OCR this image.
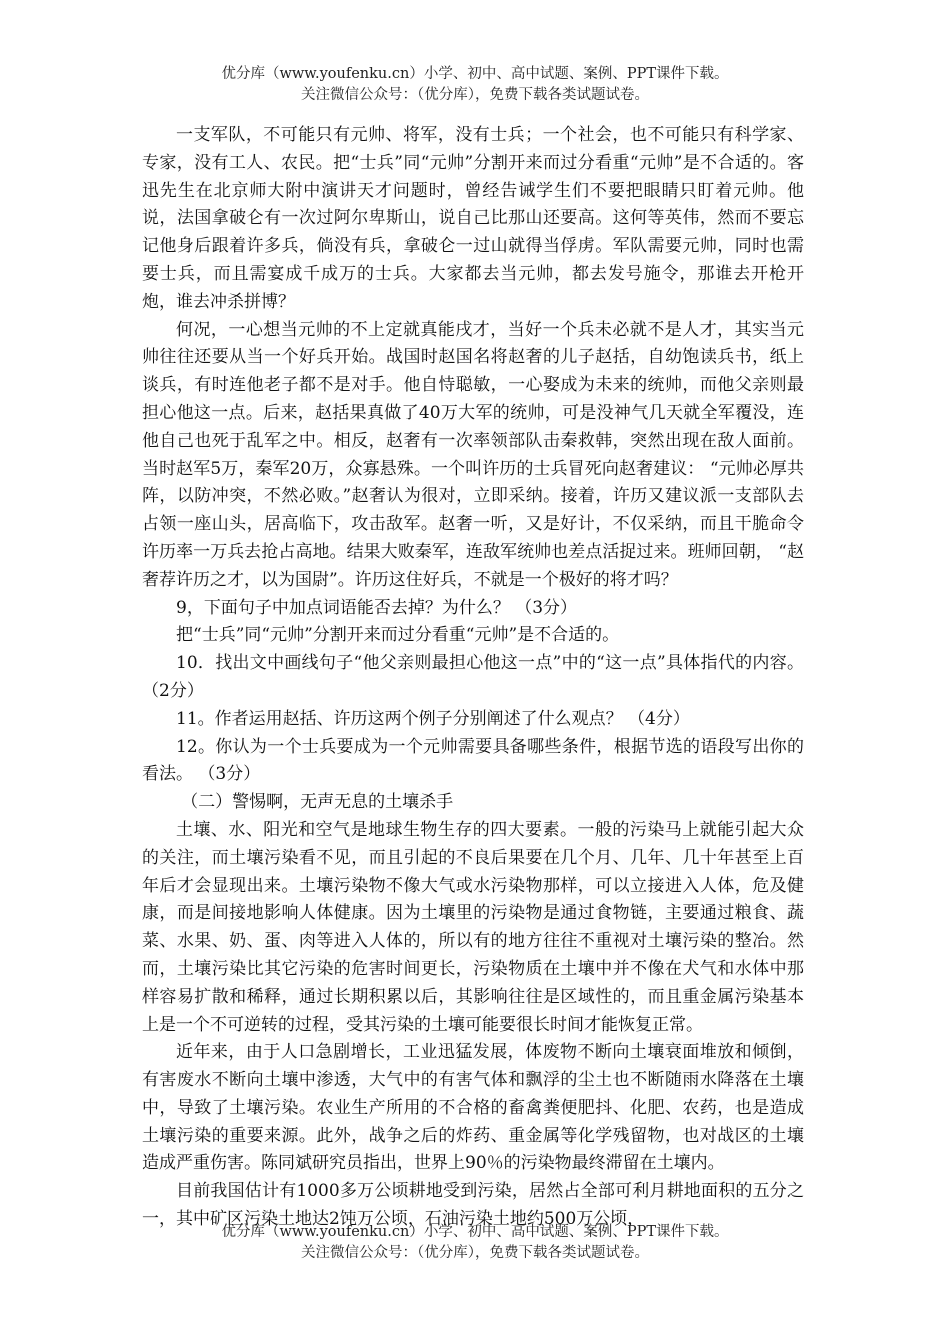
优分库（www.youfenku.cn）小学、初中、高中试题、案例、PPT课件下载。
关注微信公众号：（优分库），免费下载各类试题试卷。

一支军队，不可能只有元帅、将军，没有士兵；一个社会，也不可能只有科学家、专家，没有工人、农民。把“士兵”同“元帅”分割开来而过分看重“元帅”是不合适的。客迅先生在北京师大附中演讲天才问题时，曾经告诫学生们不要把眼睛只盯着元帅。他说，法国拿破仑有一次过阿尔卑斯山，说自己比那山还要高。这何等英伟，然而不要忘记他身后跟着许多兵，倘没有兵，拿破仑一过山就得当俘虏。军队需要元帅，同时也需要士兵，而且需宴成千成万的士兵。大家都去当元帅，都去发号施令，那谁去开枪开炮，谁去冲杀拼博？

何况，一心想当元帅的不上定就真能戌才，当好一个兵未必就不是人才，其实当元帅往往还要从当一个好兵开始。战国时赵国名将赵奢的儿子赵括，自幼饱读兵书，纸上谈兵，有时连他老子都不是对手。他自恃聪敏，一心娶成为未来的统帅，而他父亲则最担心他这一点。后来，赵括果真做了40万大军的统帅，可是没神气几天就全军覆没，连他自己也死于乱军之中。相反，赵奢有一次率领部队击秦救韩，突然出现在敌人面前。当时赵军5万，秦军20万，众寡悬殊。一个叫许历的士兵冒死向赵奢建议： “元帅必厚共阵，以防冲突，不然必败。”赵奢认为很对，立即采纳。接着，许历又建议派一支部队去占领一座山头，居高临下，攻击敌军。赵奢一听，又是好计，不仅采纳，而且干脆命令许历率一万兵去抢占高地。结果大败秦军，连敌军统帅也差点活捉过来。班师回朝， “赵奢荐许历之才，以为国尉”。许历这住好兵，不就是一个极好的将才吗？

9，下面句子中加点词语能否去掉？为什么？ （3分）

把“士兵”同“元帅”分割开来而过分看重“元帅”是不合适的。

10．找出文中画线句子“他父亲则最担心他这一点”中的“这一点”具体指代的内容。 （2分）

11。作者运用赵括、许历这两个例子分别阐述了什么观点？ （4分）

12。你认为一个士兵要成为一个元帅需要具备哪些条件，根据节选的语段写出你的看法。 （3分）

（二）警惕啊，无声无息的土壤杀手

土壤、水、阳光和空气是地球生物生存的四大要素。一般的污染马上就能引起大众的关注，而土壤污染看不见，而且引起的不良后果要在几个月、几年、几十年甚至上百年后才会显现出来。土壤污染物不像大气或水污染物那样，可以立接进入人体，危及健康，而是间接地影响人体健康。因为土壤里的污染物是通过食物链，主要通过粮食、蔬菜、水果、奶、蛋、肉等进入人体的，所以有的地方往往不重视对土壤污染的整冶。然而，土壤污染比其它污染的危害时间更长，污染物质在土壤中并不像在犬气和水体中那样容易扩散和稀释，通过长期积累以后，其影响往往是区域性的，而且重金属污染基本上是一个不可逆转的过程，受其污染的土壤可能要很长时间才能恢复正常。

近年来，由于人口急剧增长，工业迅猛发展，体废物不断向土壤衰面堆放和倾倒，有害废水不断向土壤中渗透，大气中的有害气体和飘浮的尘土也不断随雨水降落在土壤中，导致了土壤污染。农业生产所用的不合格的畜禽粪便肥抖、化肥、农药，也是造成土壤污染的重要来源。此外，战争之后的炸药、重金属等化学残留物，也对战区的土壤造成严重伤害。陈同斌研究员指出，世界上90％的污染物最终滞留在土壤内。

目前我国估计有1000多万公顷耕地受到污染，居然占全部可利月耕地面积的五分之一，其中矿区污染土地达2饨万公顷，石油污染土地约500万公顷，

优分库（www.youfenku.cn）小学、初中、高中试题、案例、PPT课件下载。
关注微信公众号：（优分库），免费下载各类试题试卷。
